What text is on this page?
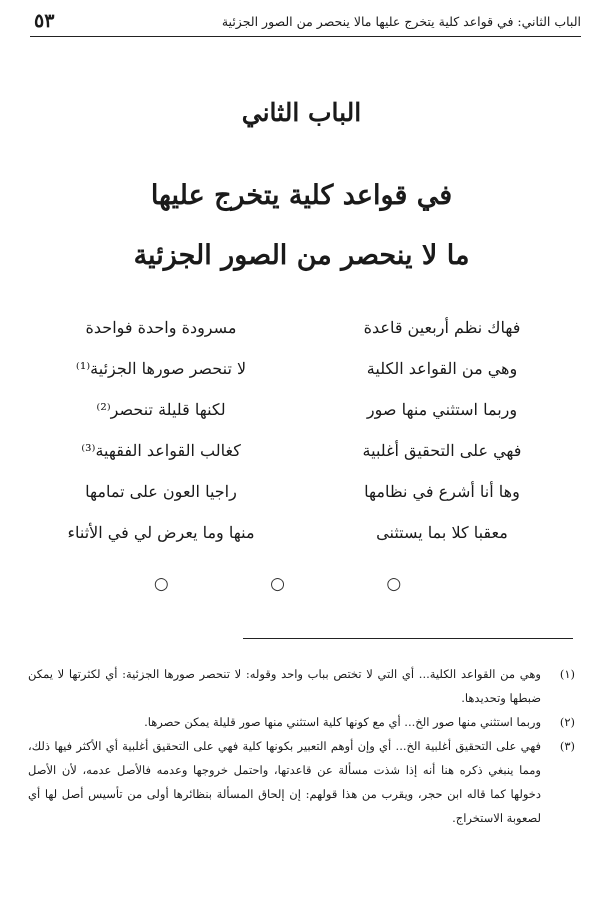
الباب الثاني: في قواعد كلية يتخرج عليها مالا ينحصر من الصور الجزئية
٥٣
الباب الثاني
في قواعد كلية يتخرج عليها
ما لا ينحصر من الصور الجزئية
فهاك نظم أربعين قاعدة
مسرودة واحدة فواحدة
وهي من القواعد الكلية
لا تنحصر صورها الجزئية⁽¹⁾
وربما استثني منها صور
لكنها قليلة تنحصر⁽²⁾
فهي على التحقيق أغلبية
كغالب القواعد الفقهية⁽³⁾
وها أنا أشرع في نظامها
راجيا العون على تمامها
معقبا كلا بما يستثنى
منها وما يعرض لي في الأثناء
○ ○ ○
(١)
وهي من القواعد الكلية... أي التي لا تختص بباب واحد وقوله: لا تنحصر صورها الجزئية: أي لكثرتها لا يمكن ضبطها وتحديدها.
(٢)
وربما استثني منها صور الخ... أي مع كونها كلية استثني منها صور قليلة يمكن حصرها.
(٣)
فهي على التحقيق أغلبية الخ... أي وإن أوهم التعبير بكونها كلية فهي على التحقيق أغلبية أي الأكثر فيها ذلك، ومما ينبغي ذكره هنا أنه إذا شذت مسألة عن قاعدتها، واحتمل خروجها وعدمه فالأصل عدمه، لأن الأصل دخولها كما قاله ابن حجر، ويقرب من هذا قولهم: إن إلحاق المسألة بنظائرها أولى من تأسيس أصل لها أي لصعوبة الاستخراج.
